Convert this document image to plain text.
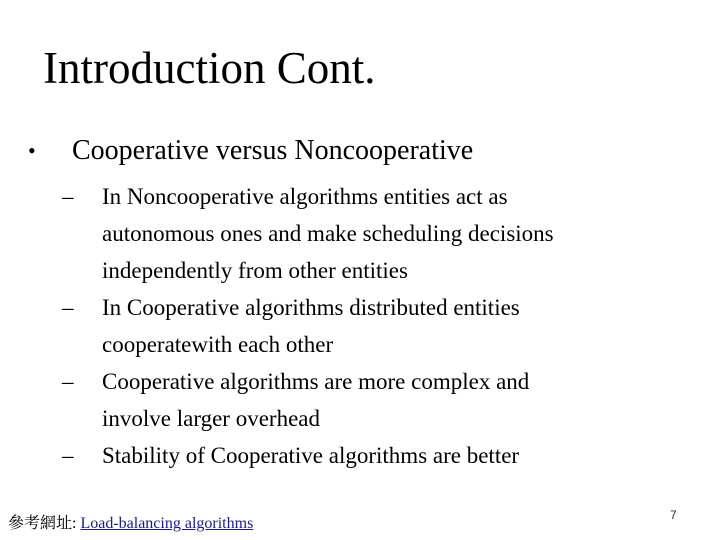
Introduction Cont.
•	Cooperative versus Noncooperative
– In Noncooperative algorithms entities act as
autonomous ones and make scheduling decisions
independently from other entities
– In Cooperative algorithms distributed entities
cooperatewith each other
– Cooperative algorithms are more complex and
involve larger overhead
– Stability of Cooperative algorithms are better
參考網址: Load-balancing algorithms	7
